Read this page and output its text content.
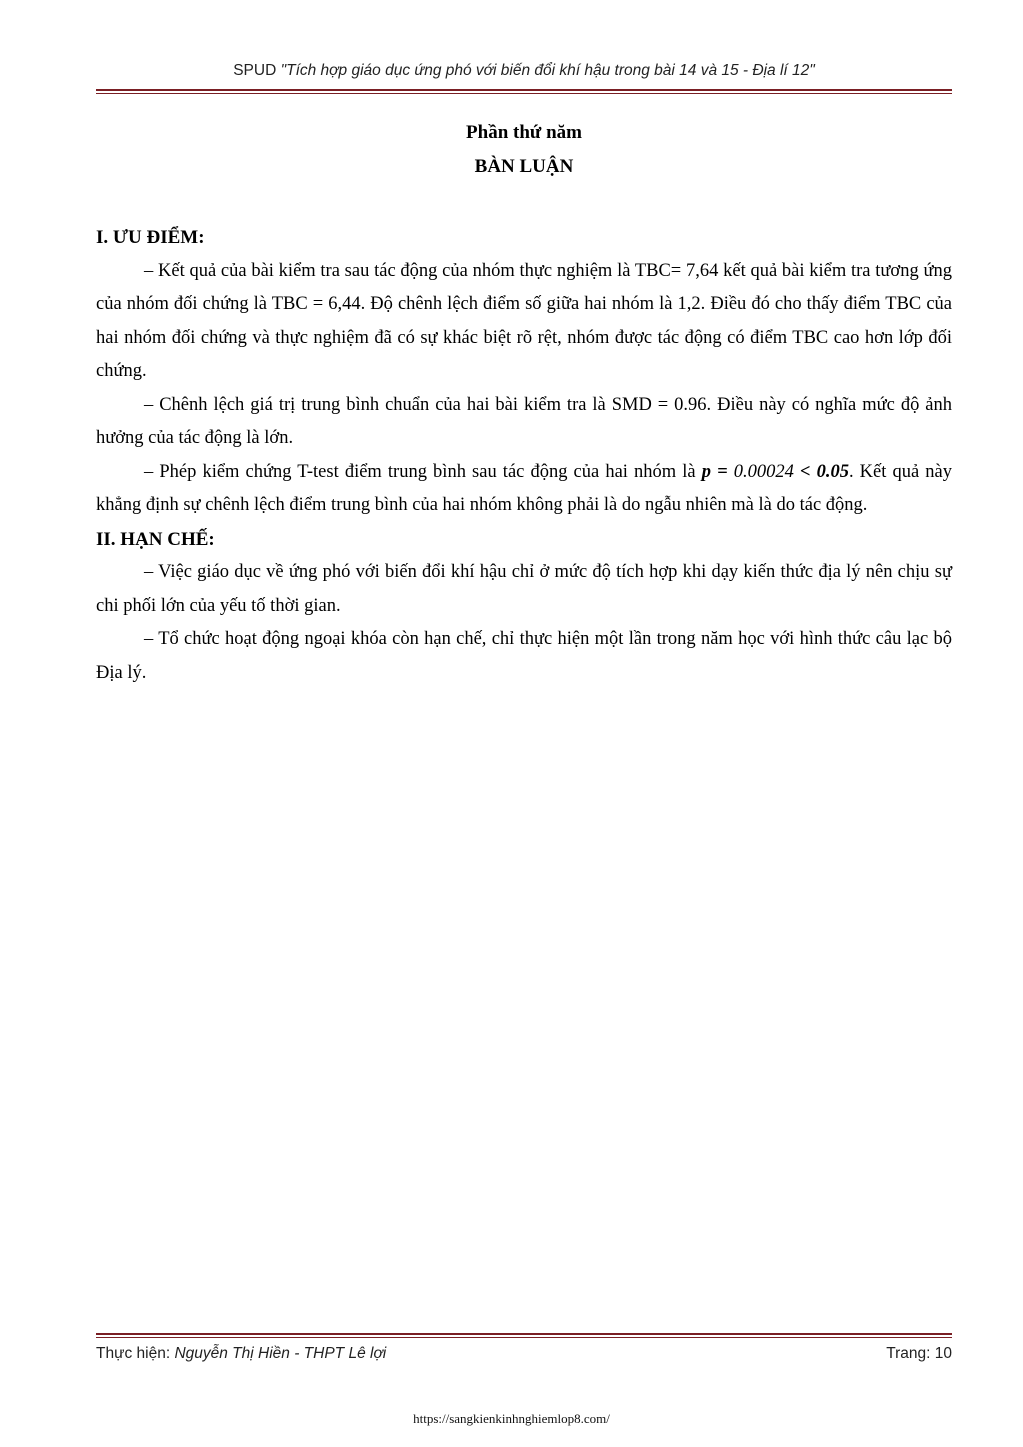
SPUD "Tích hợp giáo dục ứng phó với biến đổi khí hậu trong bài 14 và 15 - Địa lí 12"
Phần thứ năm
BÀN LUẬN

I. ƯU ĐIỂM:

– Kết quả của bài kiểm tra sau tác động của nhóm thực nghiệm là TBC= 7,64 kết quả bài kiểm tra tương ứng của nhóm đối chứng là TBC = 6,44. Độ chênh lệch điểm số giữa hai nhóm là 1,2. Điều đó cho thấy điểm TBC của hai nhóm đối chứng và thực nghiệm đã có sự khác biệt rõ rệt, nhóm được tác động có điểm TBC cao hơn lớp đối chứng.

– Chênh lệch giá trị trung bình chuẩn của hai bài kiểm tra là SMD = 0.96. Điều này có nghĩa mức độ ảnh hưởng của tác động là lớn.

– Phép kiểm chứng T-test điểm trung bình sau tác động của hai nhóm là p = 0.00024 < 0.05. Kết quả này khẳng định sự chênh lệch điểm trung bình của hai nhóm không phải là do ngẫu nhiên mà là do tác động.

II. HẠN CHẾ:

– Việc giáo dục về ứng phó với biến đổi khí hậu chỉ ở mức độ tích hợp khi dạy kiến thức địa lý nên chịu sự chi phối lớn của yếu tố thời gian.

– Tổ chức hoạt động ngoại khóa còn hạn chế, chỉ thực hiện một lần trong năm học với hình thức câu lạc bộ Địa lý.

Thực hiện: Nguyễn Thị Hiền - THPT Lê lợi	Trang: 10
https://sangkienkinhnghiemlop8.com/
